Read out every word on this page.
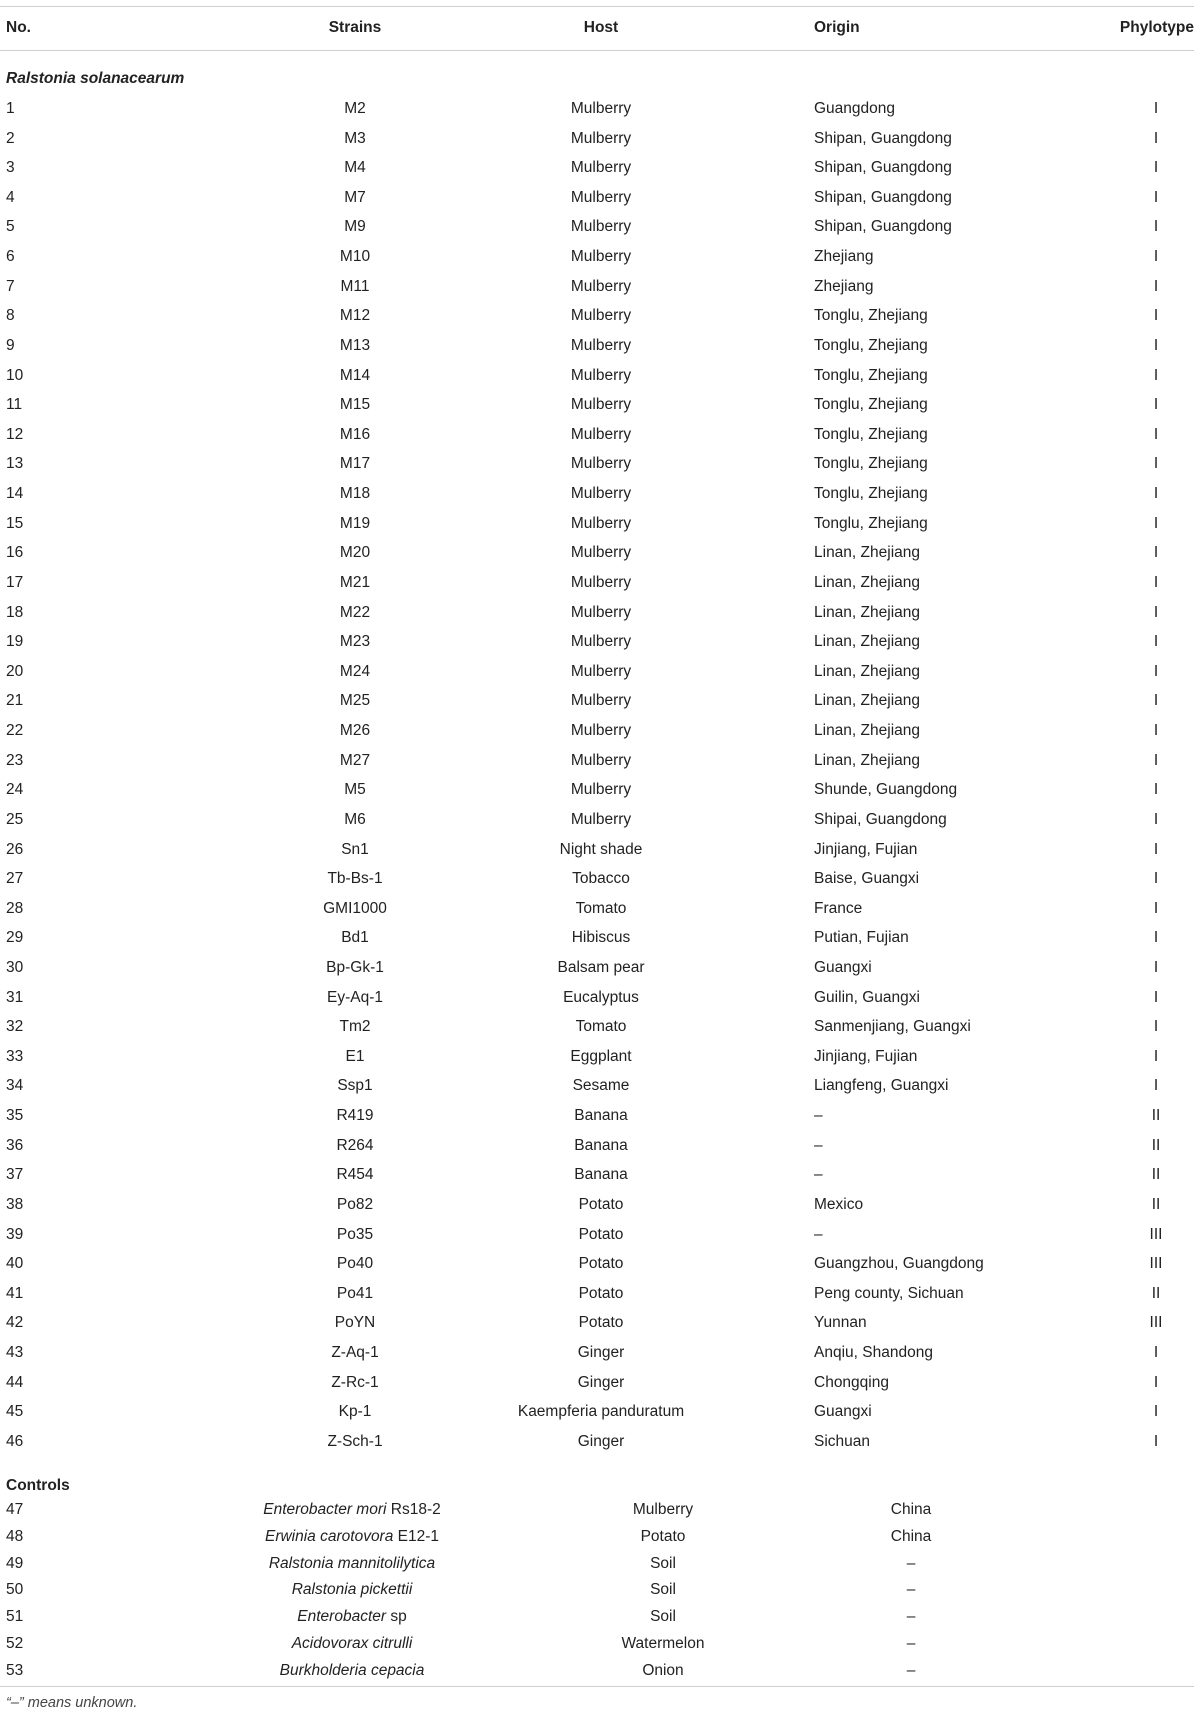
No.	Strains	Host	Origin	Phylotype
Ralstonia solanacearum
1	M2	Mulberry	Guangdong	I
2	M3	Mulberry	Shipan, Guangdong	I
3	M4	Mulberry	Shipan, Guangdong	I
4	M7	Mulberry	Shipan, Guangdong	I
5	M9	Mulberry	Shipan, Guangdong	I
6	M10	Mulberry	Zhejiang	I
7	M11	Mulberry	Zhejiang	I
8	M12	Mulberry	Tonglu, Zhejiang	I
9	M13	Mulberry	Tonglu, Zhejiang	I
10	M14	Mulberry	Tonglu, Zhejiang	I
11	M15	Mulberry	Tonglu, Zhejiang	I
12	M16	Mulberry	Tonglu, Zhejiang	I
13	M17	Mulberry	Tonglu, Zhejiang	I
14	M18	Mulberry	Tonglu, Zhejiang	I
15	M19	Mulberry	Tonglu, Zhejiang	I
16	M20	Mulberry	Linan, Zhejiang	I
17	M21	Mulberry	Linan, Zhejiang	I
18	M22	Mulberry	Linan, Zhejiang	I
19	M23	Mulberry	Linan, Zhejiang	I
20	M24	Mulberry	Linan, Zhejiang	I
21	M25	Mulberry	Linan, Zhejiang	I
22	M26	Mulberry	Linan, Zhejiang	I
23	M27	Mulberry	Linan, Zhejiang	I
24	M5	Mulberry	Shunde, Guangdong	I
25	M6	Mulberry	Shipai, Guangdong	I
26	Sn1	Night shade	Jinjiang, Fujian	I
27	Tb-Bs-1	Tobacco	Baise, Guangxi	I
28	GMI1000	Tomato	France	I
29	Bd1	Hibiscus	Putian, Fujian	I
30	Bp-Gk-1	Balsam pear	Guangxi	I
31	Ey-Aq-1	Eucalyptus	Guilin, Guangxi	I
32	Tm2	Tomato	Sanmenjiang, Guangxi	I
33	E1	Eggplant	Jinjiang, Fujian	I
34	Ssp1	Sesame	Liangfeng, Guangxi	I
35	R419	Banana	–	II
36	R264	Banana	–	II
37	R454	Banana	–	II
38	Po82	Potato	Mexico	II
39	Po35	Potato	–	III
40	Po40	Potato	Guangzhou, Guangdong	III
41	Po41	Potato	Peng county, Sichuan	II
42	PoYN	Potato	Yunnan	III
43	Z-Aq-1	Ginger	Anqiu, Shandong	I
44	Z-Rc-1	Ginger	Chongqing	I
45	Kp-1	Kaempferia panduratum	Guangxi	I
46	Z-Sch-1	Ginger	Sichuan	I
Controls
47	Enterobacter mori Rs18-2	Mulberry	China
48	Erwinia carotovora E12-1	Potato	China
49	Ralstonia mannitolilytica	Soil	–
50	Ralstonia pickettii	Soil	–
51	Enterobacter sp	Soil	–
52	Acidovorax citrulli	Watermelon	–
53	Burkholderia cepacia	Onion	–
“–” means unknown.
